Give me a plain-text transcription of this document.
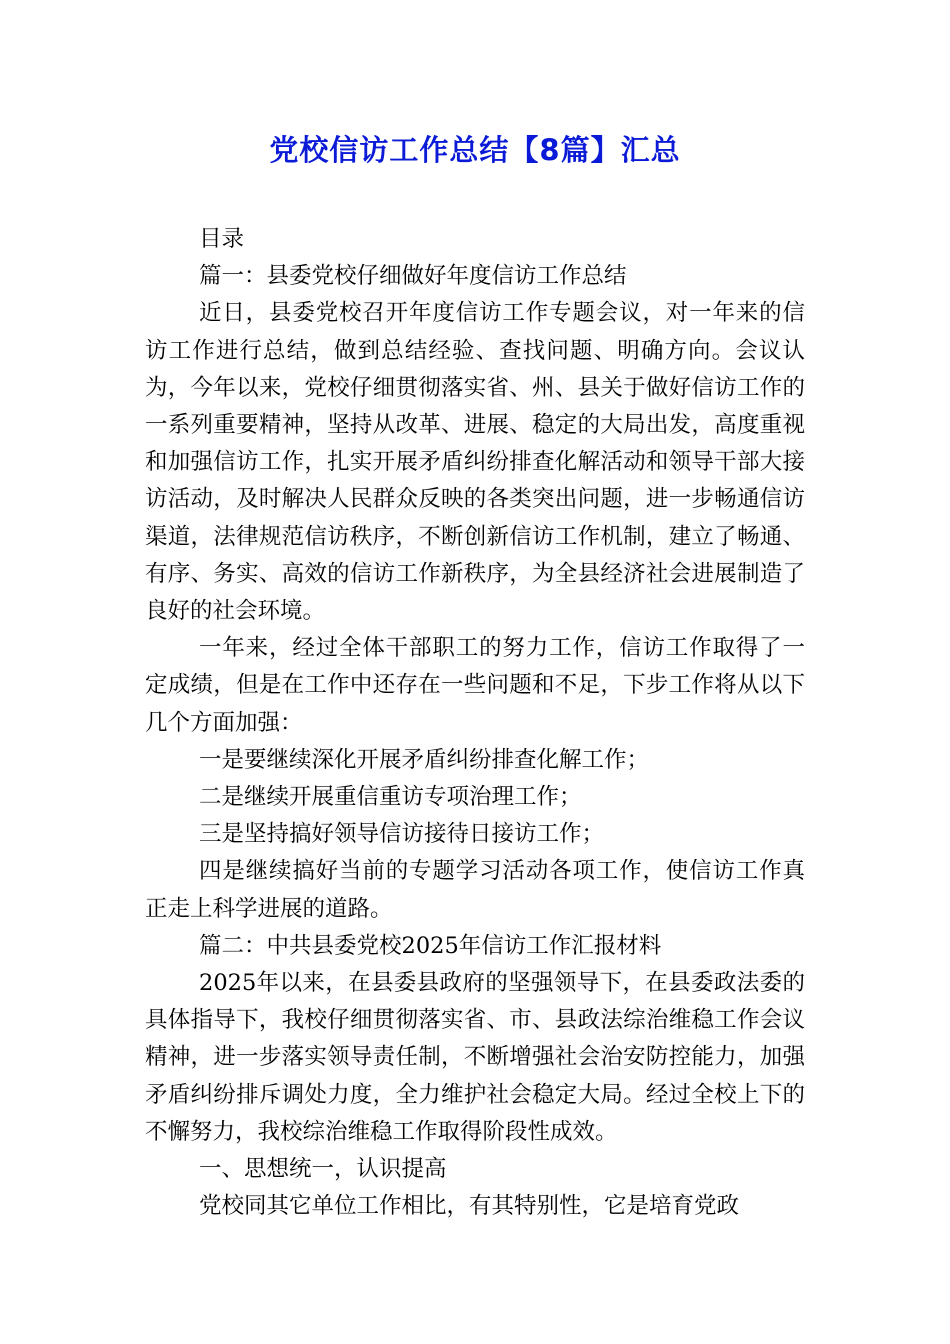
党校信访工作总结【8篇】汇总

目录

篇一：县委党校仔细做好年度信访工作总结

近日，县委党校召开年度信访工作专题会议，对一年来的信访工作进行总结，做到总结经验、查找问题、明确方向。会议认为，今年以来，党校仔细贯彻落实省、州、县关于做好信访工作的一系列重要精神，坚持从改革、进展、稳定的大局出发，高度重视和加强信访工作，扎实开展矛盾纠纷排查化解活动和领导干部大接访活动，及时解决人民群众反映的各类突出问题，进一步畅通信访渠道，法律规范信访秩序，不断创新信访工作机制，建立了畅通、有序、务实、高效的信访工作新秩序，为全县经济社会进展制造了良好的社会环境。

一年来，经过全体干部职工的努力工作，信访工作取得了一定成绩，但是在工作中还存在一些问题和不足，下步工作将从以下几个方面加强：

一是要继续深化开展矛盾纠纷排查化解工作；

二是继续开展重信重访专项治理工作；

三是坚持搞好领导信访接待日接访工作；

四是继续搞好当前的专题学习活动各项工作，使信访工作真正走上科学进展的道路。

篇二：中共县委党校2025年信访工作汇报材料

2025年以来，在县委县政府的坚强领导下，在县委政法委的具体指导下，我校仔细贯彻落实省、市、县政法综治维稳工作会议精神，进一步落实领导责任制，不断增强社会治安防控能力，加强矛盾纠纷排斥调处力度，全力维护社会稳定大局。经过全校上下的不懈努力，我校综治维稳工作取得阶段性成效。

一、思想统一，认识提高

党校同其它单位工作相比，有其特别性，它是培育党政
